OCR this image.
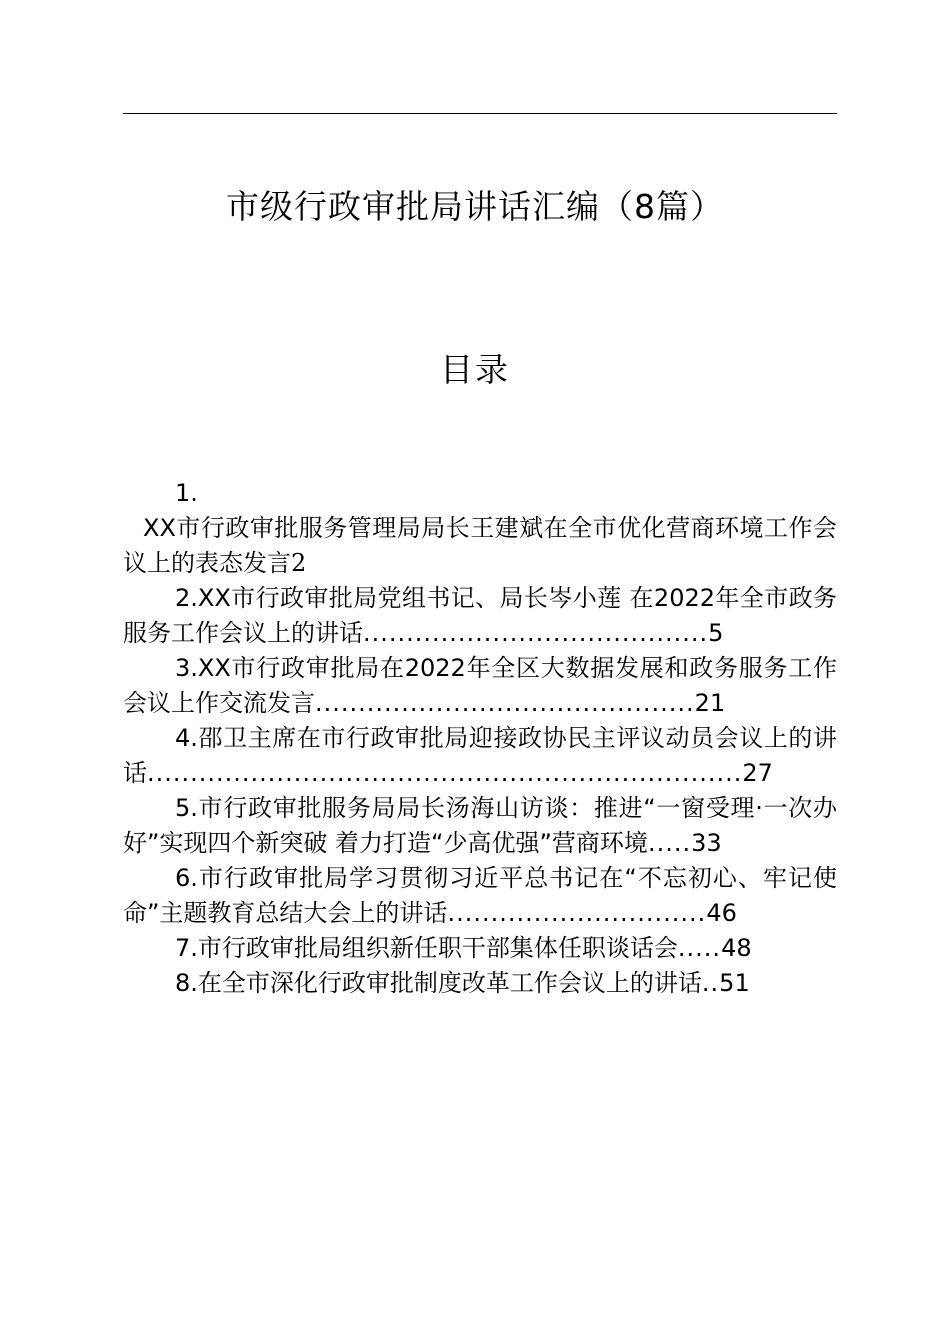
市级行政审批局讲话汇编（8篇）
目录

1.
XX市行政审批服务管理局局长王建斌在全市优化营商环境工作会议上的表态发言2

2.XX市行政审批局党组书记、局长岑小莲 在2022年全市政务服务工作会议上的讲话........................................5

3.XX市行政审批局在2022年全区大数据发展和政务服务工作会议上作交流发言............................................21

4.邵卫主席在市行政审批局迎接政协民主评议动员会议上的讲话.....................................................................27

5.市行政审批服务局局长汤海山访谈：推进“一窗受理·一次办好”实现四个新突破 着力打造“少高优强”营商环境.....33

6.市行政审批局学习贯彻习近平总书记在“不忘初心、牢记使命”主题教育总结大会上的讲话..............................46

7.市行政审批局组织新任职干部集体任职谈话会.....48

8.在全市深化行政审批制度改革工作会议上的讲话..51
